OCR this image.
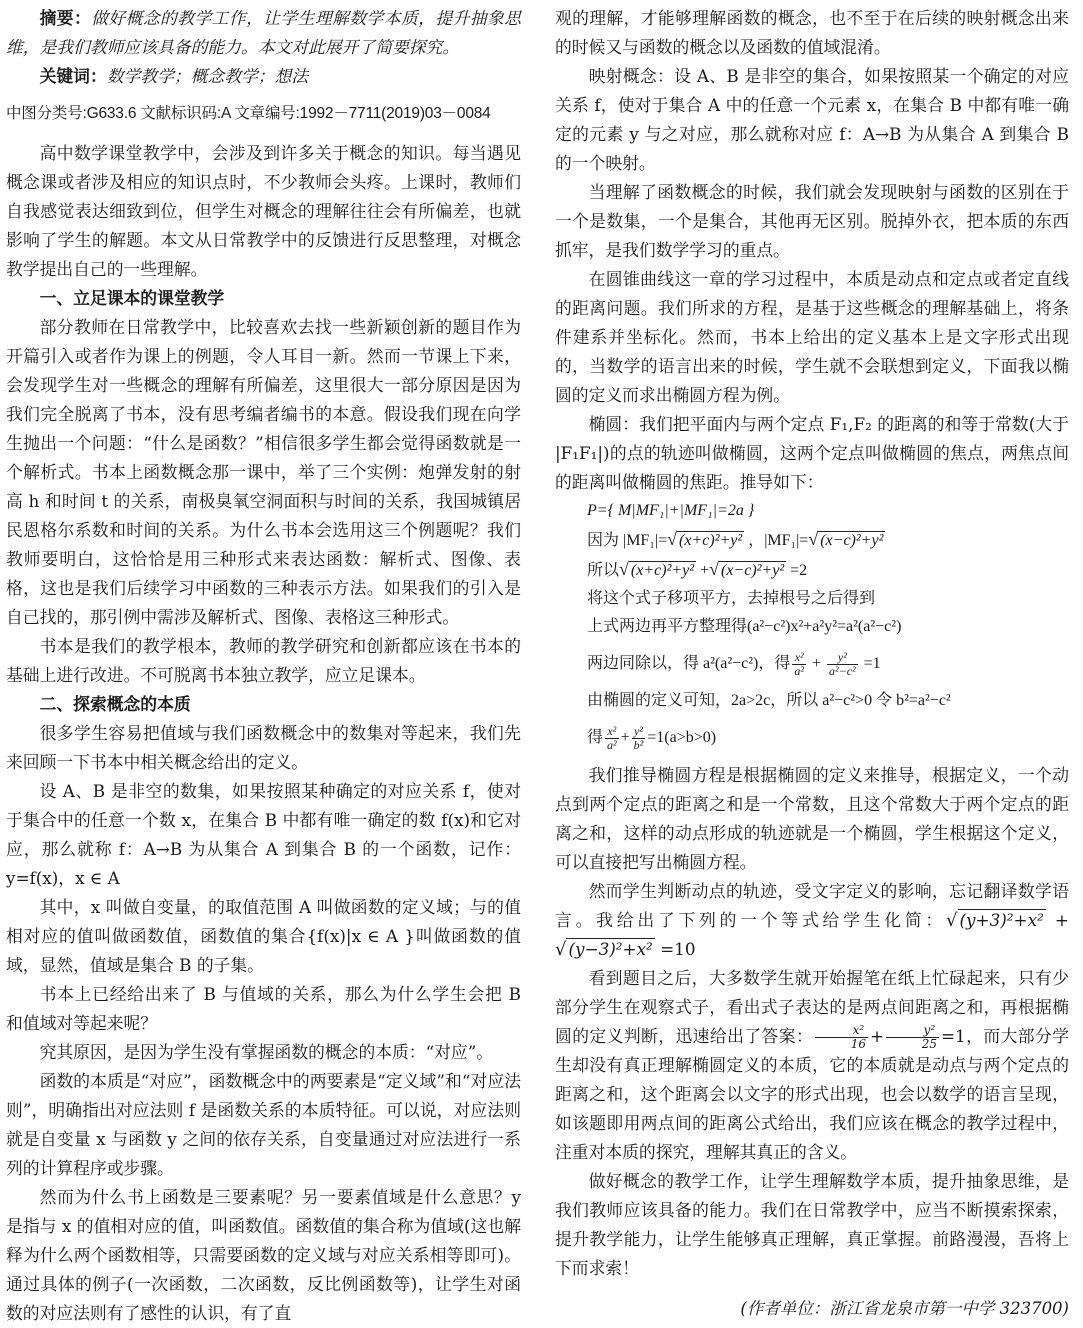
摘要：做好概念的教学工作，让学生理解数学本质，提升抽象思维，是我们教师应该具备的能力。本文对此展开了简要探究。

关键词：数学教学；概念教学；想法

中图分类号:G633.6 文献标识码:A 文章编号:1992－7711(2019)03－0084

高中数学课堂教学中，会涉及到许多关于概念的知识。每当遇见概念课或者涉及相应的知识点时，不少教师会头疼。上课时，教师们自我感觉表达细致到位，但学生对概念的理解往往会有所偏差，也就影响了学生的解题。本文从日常教学中的反馈进行反思整理，对概念教学提出自己的一些理解。

一、立足课本的课堂教学

部分教师在日常教学中，比较喜欢去找一些新颖创新的题目作为开篇引入或者作为课上的例题，令人耳目一新。然而一节课上下来，会发现学生对一些概念的理解有所偏差，这里很大一部分原因是因为我们完全脱离了书本，没有思考编者编书的本意。假设我们现在向学生抛出一个问题：“什么是函数？”相信很多学生都会觉得函数就是一个解析式。书本上函数概念那一课中，举了三个实例：炮弹发射的射高 h 和时间 t 的关系，南极臭氧空洞面积与时间的关系，我国城镇居民恩格尔系数和时间的关系。为什么书本会选用这三个例题呢？我们教师要明白，这恰恰是用三种形式来表达函数：解析式、图像、表格，这也是我们后续学习中函数的三种表示方法。如果我们的引入是自己找的，那引例中需涉及解析式、图像、表格这三种形式。

书本是我们的教学根本，教师的教学研究和创新都应该在书本的基础上进行改进。不可脱离书本独立教学，应立足课本。

二、探索概念的本质

很多学生容易把值域与我们函数概念中的数集对等起来，我们先来回顾一下书本中相关概念给出的定义。

设 A、B 是非空的数集，如果按照某种确定的对应关系 f，使对于集合中的任意一个数 x，在集合 B 中都有唯一确定的数 f(x)和它对应，那么就称 f：A→B 为从集合 A 到集合 B 的一个函数，记作：y=f(x)，x ∈ A

其中，x 叫做自变量，的取值范围 A 叫做函数的定义域；与的值相对应的值叫做函数值，函数值的集合{f(x)|x ∈ A }叫做函数的值域，显然，值域是集合 B 的子集。

书本上已经给出来了 B 与值域的关系，那么为什么学生会把 B 和值域对等起来呢？

究其原因，是因为学生没有掌握函数的概念的本质：“对应”。

函数的本质是“对应”，函数概念中的两要素是“定义域”和“对应法则”，明确指出对应法则 f 是函数关系的本质特征。可以说，对应法则就是自变量 x 与函数 y 之间的依存关系，自变量通过对应法进行一系列的计算程序或步骤。

然而为什么书上函数是三要素呢？另一要素值域是什么意思？y 是指与 x 的值相对应的值，叫函数值。函数值的集合称为值域(这也解释为什么两个函数相等，只需要函数的定义域与对应关系相等即可)。通过具体的例子(一次函数，二次函数，反比例函数等)，让学生对函数的对应法则有了感性的认识，有了直

观的理解，才能够理解函数的概念，也不至于在后续的映射概念出来的时候又与函数的概念以及函数的值域混淆。

映射概念：设 A、B 是非空的集合，如果按照某一个确定的对应关系 f，使对于集合 A 中的任意一个元素 x，在集合 B 中都有唯一确定的元素 y 与之对应，那么就称对应 f：A→B 为从集合 A 到集合 B 的一个映射。

当理解了函数概念的时候，我们就会发现映射与函数的区别在于一个是数集，一个是集合，其他再无区别。脱掉外衣，把本质的东西抓牢，是我们数学学习的重点。

在圆锥曲线这一章的学习过程中，本质是动点和定点或者定直线的距离问题。我们所求的方程，是基于这些概念的理解基础上，将条件建系并坐标化。然而，书本上给出的定义基本上是文字形式出现的，当数学的语言出来的时候，学生就不会联想到定义，下面我以椭圆的定义而求出椭圆方程为例。

椭圆：我们把平面内与两个定点 F₁,F₂ 的距离的和等于常数(大于 |F₁F₁|)的点的轨迹叫做椭圆，这两个定点叫做椭圆的焦点，两焦点间的距离叫做椭圆的焦距。推导如下：

P={ M|MF₁|+|MF₁|=2a }

因为 |MF₁|=√ (x+c)²+y² ，|MF₁|=√ (x−c)²+y²

所以√ (x+c)²+y² +√ (x−c)²+y² =2

将这个式子移项平方，去掉根号之后得到

上式两边再平方整理得(a²−c²)x²+a²y²=a²(a²−c²)

两边同除以，得 a²(a²−c²)，得 $\frac{\text{x²}}{\text{a²}} + \frac{\text{y²}}{\text{a²−c²}} =1$

由椭圆的定义可知，2a>2c，所以 a²−c²>0 令 b²=a²−c²

得 $\frac{\text{x²}}{\text{a²}} + \frac{\text{y²}}{\text{b²}} =1(a>b>0)$

我们推导椭圆方程是根据椭圆的定义来推导，根据定义，一个动点到两个定点的距离之和是一个常数，且这个常数大于两个定点的距离之和，这样的动点形成的轨迹就是一个椭圆，学生根据这个定义，可以直接把写出椭圆方程。

然而学生判断动点的轨迹，受文字定义的影响，忘记翻译数学语言。我给出了下列的一个等式给学生化简：√ (y+3)²+x² + √ (y−3)²+x² =10

看到题目之后，大多数学生就开始握笔在纸上忙碌起来，只有少部分学生在观察式子，看出式子表达的是两点间距离之和，再根据椭圆的定义判断，迅速给出了答案： $\frac{\text{x²}}{16} + \frac{\text{y²}}{25} =1$，而大部分学生却没有真正理解椭圆定义的本质，它的本质就是动点与两个定点的距离之和，这个距离会以文字的形式出现，也会以数学的语言呈现，如该题即用两点间的距离公式给出，我们应该在概念的教学过程中，注重对本质的探究，理解其真正的含义。

做好概念的教学工作，让学生理解数学本质，提升抽象思维，是我们教师应该具备的能力。我们在日常教学中，应当不断摸索探索，提升教学能力，让学生能够真正理解，真正掌握。前路漫漫，吾将上下而求索！

(作者单位：浙江省龙泉市第一中学 323700)
